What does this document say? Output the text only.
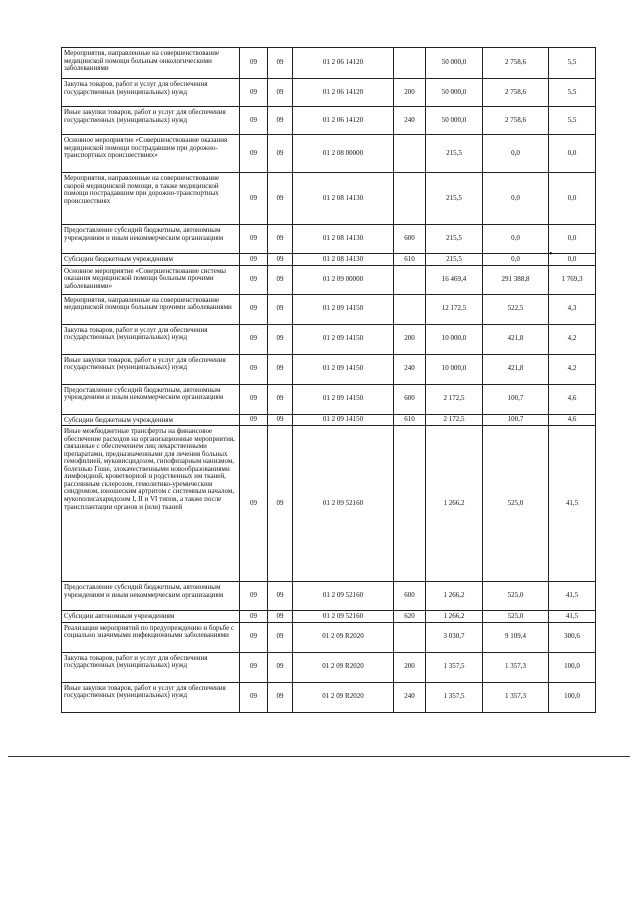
Мероприятия, направленные на совершенствование медицинской помощи больным онкологическими заболеваниями	09	09	01 2 06 14120		50 000,0	2 758,6	5,5
Закупка товаров, работ и услуг для обеспечения государственных (муниципальных) нужд	09	09	01 2 06 14120	200	50 000,0	2 758,6	5,5
Иные закупки товаров, работ и услуг для обеспечения государственных (муниципальных) нужд	09	09	01 2 06 14120	240	50 000,0	2 758,6	5,5
Основное мероприятие «Совершенствование оказания медицинской помощи пострадавшим при дорожно-транспортных происшествиях»	09	09	01 2 08 00000		215,5	0,0	0,0
Мероприятия, направленные на совершенствование скорой медицинской помощи, в также медицинской помощи пострадавшим при дорожно-транспортных происшествиях	09	09	01 2 08 14130		215,5	0,0	0,0
Предоставление субсидий бюджетным, автономным учреждениям и иным некоммерческим организациям	09	09	01 2 08 14130	600	215,5	0,0	0,0
Субсидии бюджетным учреждениям	09	09	01 2 08 14130	610	215,5	0,0	0,0
Основное мероприятие «Совершенствование системы оказания медицинской помощи больным прочими заболеваниями»	09	09	01 2 09 00000		16 469,4	291 388,8	1 769,3
Мероприятия, направленные на совершенствование медицинской помощи больным прочими заболеваниями	09	09	01 2 09 14150		12 172,5	522,5	4,3
Закупка товаров, работ и услуг для обеспечения государственных (муниципальных) нужд	09	09	01 2 09 14150	200	10 000,0	421,8	4,2
Иные закупки товаров, работ и услуг для обеспечения государственных (муниципальных) нужд	09	09	01 2 09 14150	240	10 000,0	421,8	4,2
Предоставление субсидий бюджетным, автономным учреждениям и иным некоммерческим организациям	09	09	01 2 09 14150	600	2 172,5	100,7	4,6
Субсидии бюджетным учреждениям	09	09	01 2 09 14150	610	2 172,5	100,7	4,6
Иные межбюджетные трансферты на финансовое обеспечение расходов на организационные мероприятия, связанные с обеспечением лиц лекарственными препаратами, предназначенными для лечения больных гемофилией, муковисцидозом, гипофизарным нанизмом, болезнью Гоше, злокачественными новообразованиями лимфоидной, кроветворной и родственных им тканей, рассеянным склерозом, гемолитико-уремическим синдромом, юношеским артритом с системным началом, мукополисахаридозом I, II и VI типов, а также после трансплантации органов и (или) тканей	09	09	01 2 09 52160		1 266,2	525,0	41,5
Предоставление субсидий бюджетным, автономным учреждениям и иным некоммерческим организациям	09	09	01 2 09 52160	600	1 266,2	525,0	41,5
Субсидии автономным учреждениям	09	09	01 2 09 52160	620	1 266,2	525,0	41,5
Реализация мероприятий по предупреждению и борьбе с социально значимыми инфекционными заболеваниями	09	09	01 2 09 R2020		3 030,7	9 109,4	300,6
Закупка товаров, работ и услуг для обеспечения государственных (муниципальных) нужд	09	09	01 2 09 R2020	200	1 357,5	1 357,3	100,0
Иные закупки товаров, работ и услуг для обеспечения государственных (муниципальных) нужд	09	09	01 2 09 R2020	240	1 357,5	1 357,3	100,0
•
